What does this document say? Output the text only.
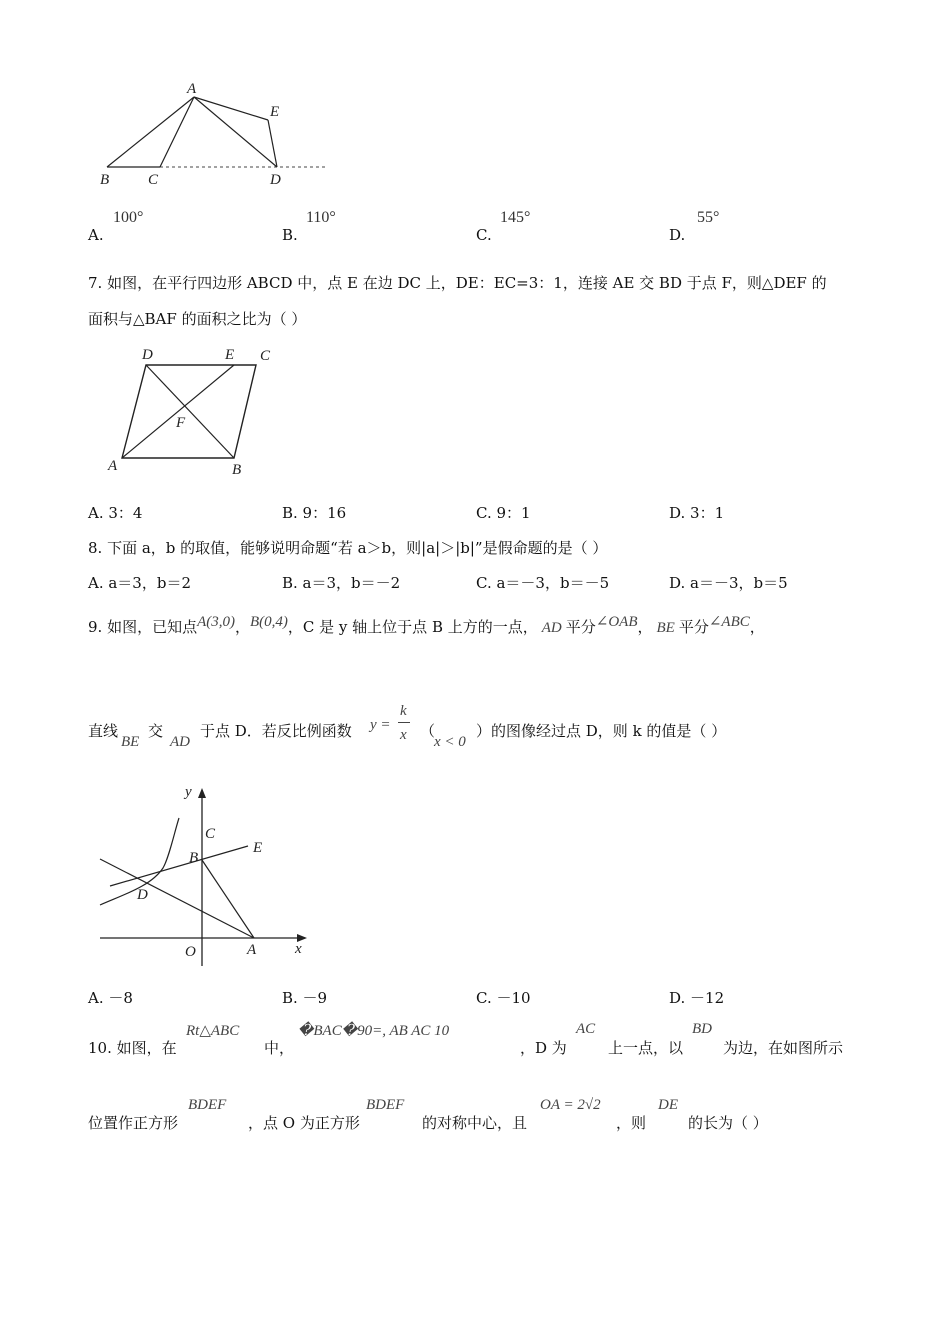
A
E
B	C	D
A.
100°
B.
110°
C.
145°
D.
55°
7. 如图，在平行四边形 ABCD 中，点 E 在边 DC 上，DE：EC=3：1，连接 AE 交 BD 于点 F，则△DEF 的
面积与△BAF 的面积之比为（ ）
D	E C
F
A	B
A. 3：4	B. 9：16	C. 9：1	D. 3：1
8. 下面 a，b 的取值，能够说明命题“若 a＞b，则|a|＞|b|”是假命题的是（ ）
A. a＝3，b＝2	B. a＝3，b＝－2	C. a＝－3，b＝－5	D. a＝－3，b＝5
9. 如图，已知点A(3,0)，B(0,4)，C 是 y 轴上位于点 B 上方的一点， AD 平分∠OAB， BE 平分∠ABC，
直线
BE
交
AD
于点 D．若反比例函数 y =
k
x （
x < 0
）的图像经过点 D，则 k 的值是（ ）
y
x
C
B
E
D
O	A
A. －8	B. －9	C. －10	D. －12
10. 如图，在
Rt△ABC
中，
�BAC�90=, AB AC 10
，D 为
AC
上一点，以
BD
为边，在如图所示
位置作正方形
BDEF
，点 O 为正方形
BDEF
的对称中心，且
OA = 2√2
，则
DE
的长为（ ）
